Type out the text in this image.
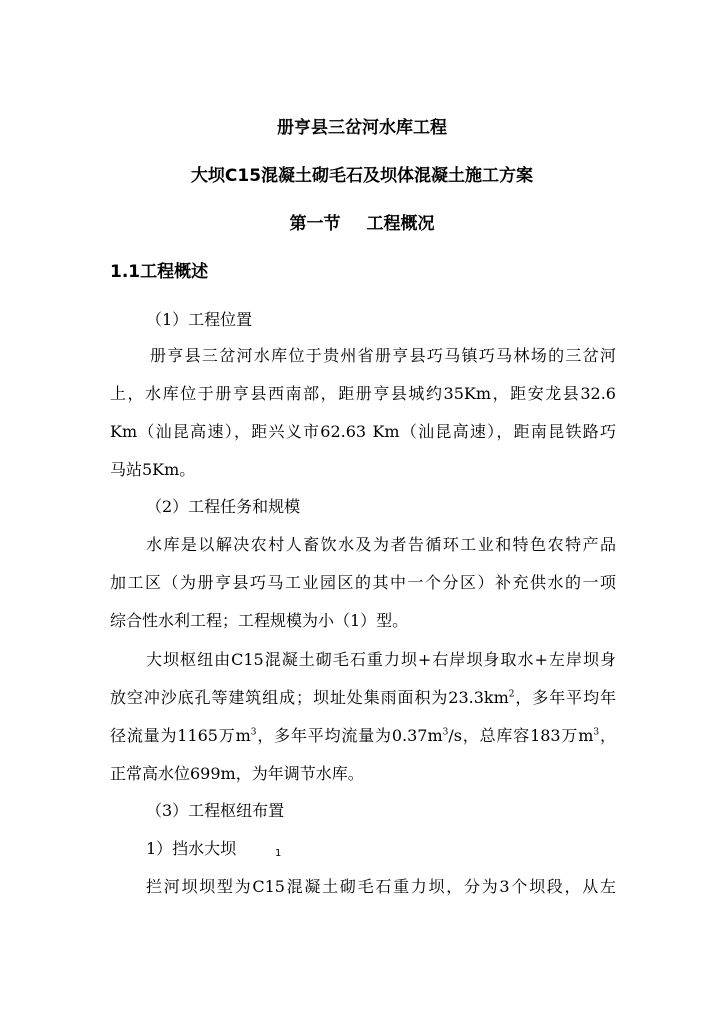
册亨县三岔河水库工程
大坝C15混凝土砌毛石及坝体混凝土施工方案
第一节 工程概况
1.1工程概述
（1）工程位置
册亨县三岔河水库位于贵州省册亨县巧马镇巧马林场的三岔河
上，水库位于册亨县西南部，距册亨县城约35Km，距安龙县32.6
Km（汕昆高速），距兴义市62.63 Km（汕昆高速），距南昆铁路巧
马站5Km。
（2）工程任务和规模
水库是以解决农村人畜饮水及为者告循环工业和特色农特产品
加工区（为册亨县巧马工业园区的其中一个分区）补充供水的一项
综合性水利工程；工程规模为小（1）型。
大坝枢纽由C15混凝土砌毛石重力坝+右岸坝身取水+左岸坝身
放空冲沙底孔等建筑组成；坝址处集雨面积为$23.3km^2$，多年平均年
径流量为1165万$m^3$，多年平均流量为$0.37m^3/s$，总库容183万$m^3$，
正常高水位699m，为年调节水库。
（3）工程枢纽布置
1）挡水大坝	1
拦河坝坝型为C15混凝土砌毛石重力坝，分为3个坝段，从左
